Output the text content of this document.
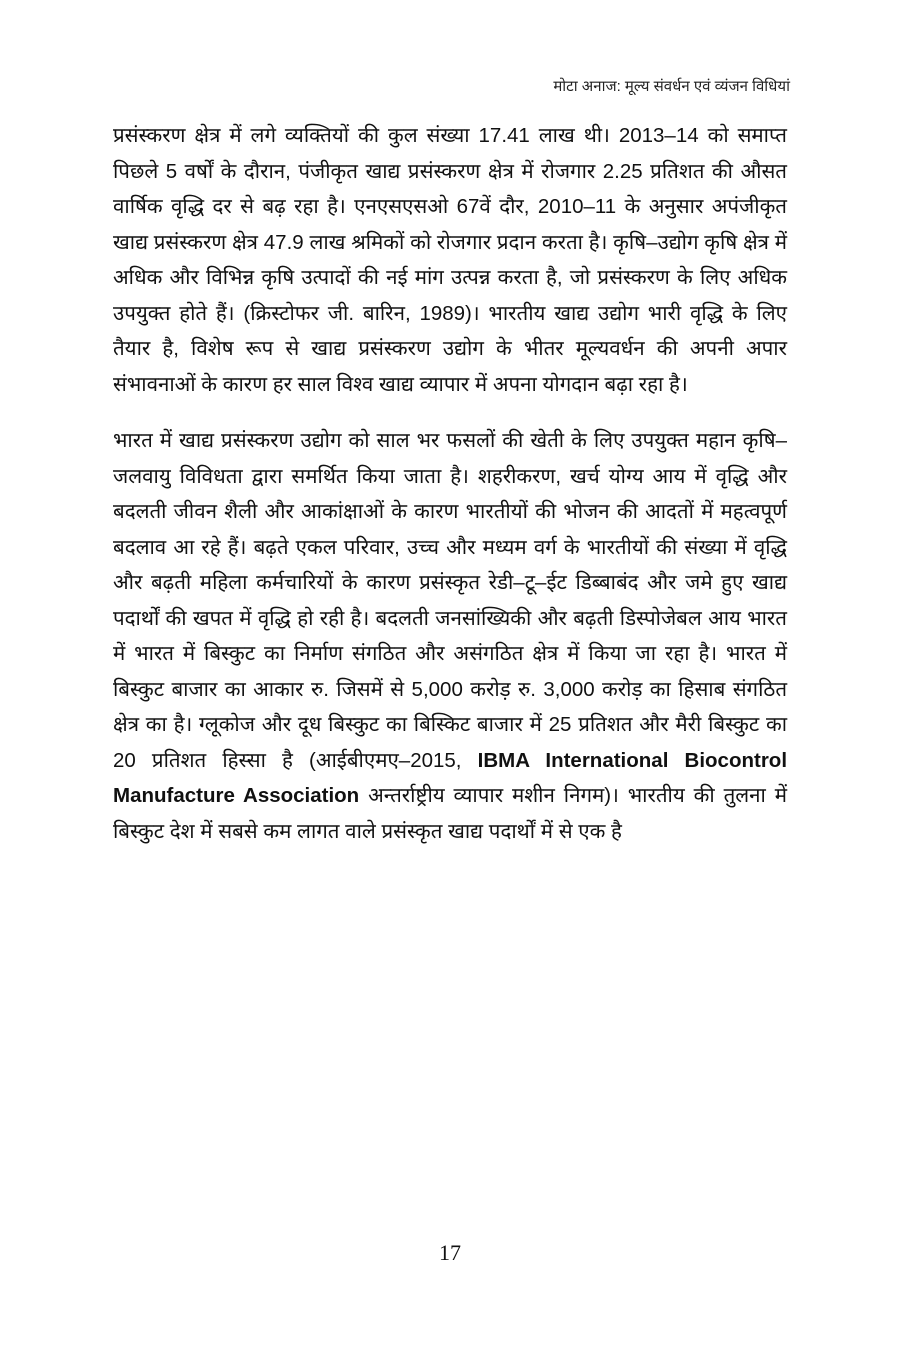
मोटा अनाज: मूल्य संवर्धन एवं व्यंजन विधियां

प्रसंस्करण क्षेत्र में लगे व्यक्तियों की कुल संख्या 17.41 लाख थी। 2013–14 को समाप्त पिछले 5 वर्षों के दौरान, पंजीकृत खाद्य प्रसंस्करण क्षेत्र में रोजगार 2.25 प्रतिशत की औसत वार्षिक वृद्धि दर से बढ़ रहा है। एनएसएसओ 67वें दौर, 2010–11 के अनुसार अपंजीकृत खाद्य प्रसंस्करण क्षेत्र 47.9 लाख श्रमिकों को रोजगार प्रदान करता है। कृषि–उद्योग कृषि क्षेत्र में अधिक और विभिन्न कृषि उत्पादों की नई मांग उत्पन्न करता है, जो प्रसंस्करण के लिए अधिक उपयुक्त होते हैं। (क्रिस्टोफर जी. बारिन, 1989)। भारतीय खाद्य उद्योग भारी वृद्धि के लिए तैयार है, विशेष रूप से खाद्य प्रसंस्करण उद्योग के भीतर मूल्यवर्धन की अपनी अपार संभावनाओं के कारण हर साल विश्व खाद्य व्यापार में अपना योगदान बढ़ा रहा है।

भारत में खाद्य प्रसंस्करण उद्योग को साल भर फसलों की खेती के लिए उपयुक्त महान कृषि–जलवायु विविधता द्वारा समर्थित किया जाता है। शहरीकरण, खर्च योग्य आय में वृद्धि और बदलती जीवन शैली और आकांक्षाओं के कारण भारतीयों की भोजन की आदतों में महत्वपूर्ण बदलाव आ रहे हैं। बढ़ते एकल परिवार, उच्च और मध्यम वर्ग के भारतीयों की संख्या में वृद्धि और बढ़ती महिला कर्मचारियों के कारण प्रसंस्कृत रेडी–टू–ईट डिब्बाबंद और जमे हुए खाद्य पदार्थों की खपत में वृद्धि हो रही है। बदलती जनसांख्यिकी और बढ़ती डिस्पोजेबल आय भारत में भारत में बिस्कुट का निर्माण संगठित और असंगठित क्षेत्र में किया जा रहा है। भारत में बिस्कुट बाजार का आकार रु. जिसमें से 5,000 करोड़ रु. 3,000 करोड़ का हिसाब संगठित क्षेत्र का है। ग्लूकोज और दूध बिस्कुट का बिस्किट बाजार में 25 प्रतिशत और मैरी बिस्कुट का 20 प्रतिशत हिस्सा है (आईबीएमए–2015, IBMA International Biocontrol Manufacture Association अन्तर्राष्ट्रीय व्यापार मशीन निगम)। भारतीय की तुलना में बिस्कुट देश में सबसे कम लागत वाले प्रसंस्कृत खाद्य पदार्थों में से एक है

17
